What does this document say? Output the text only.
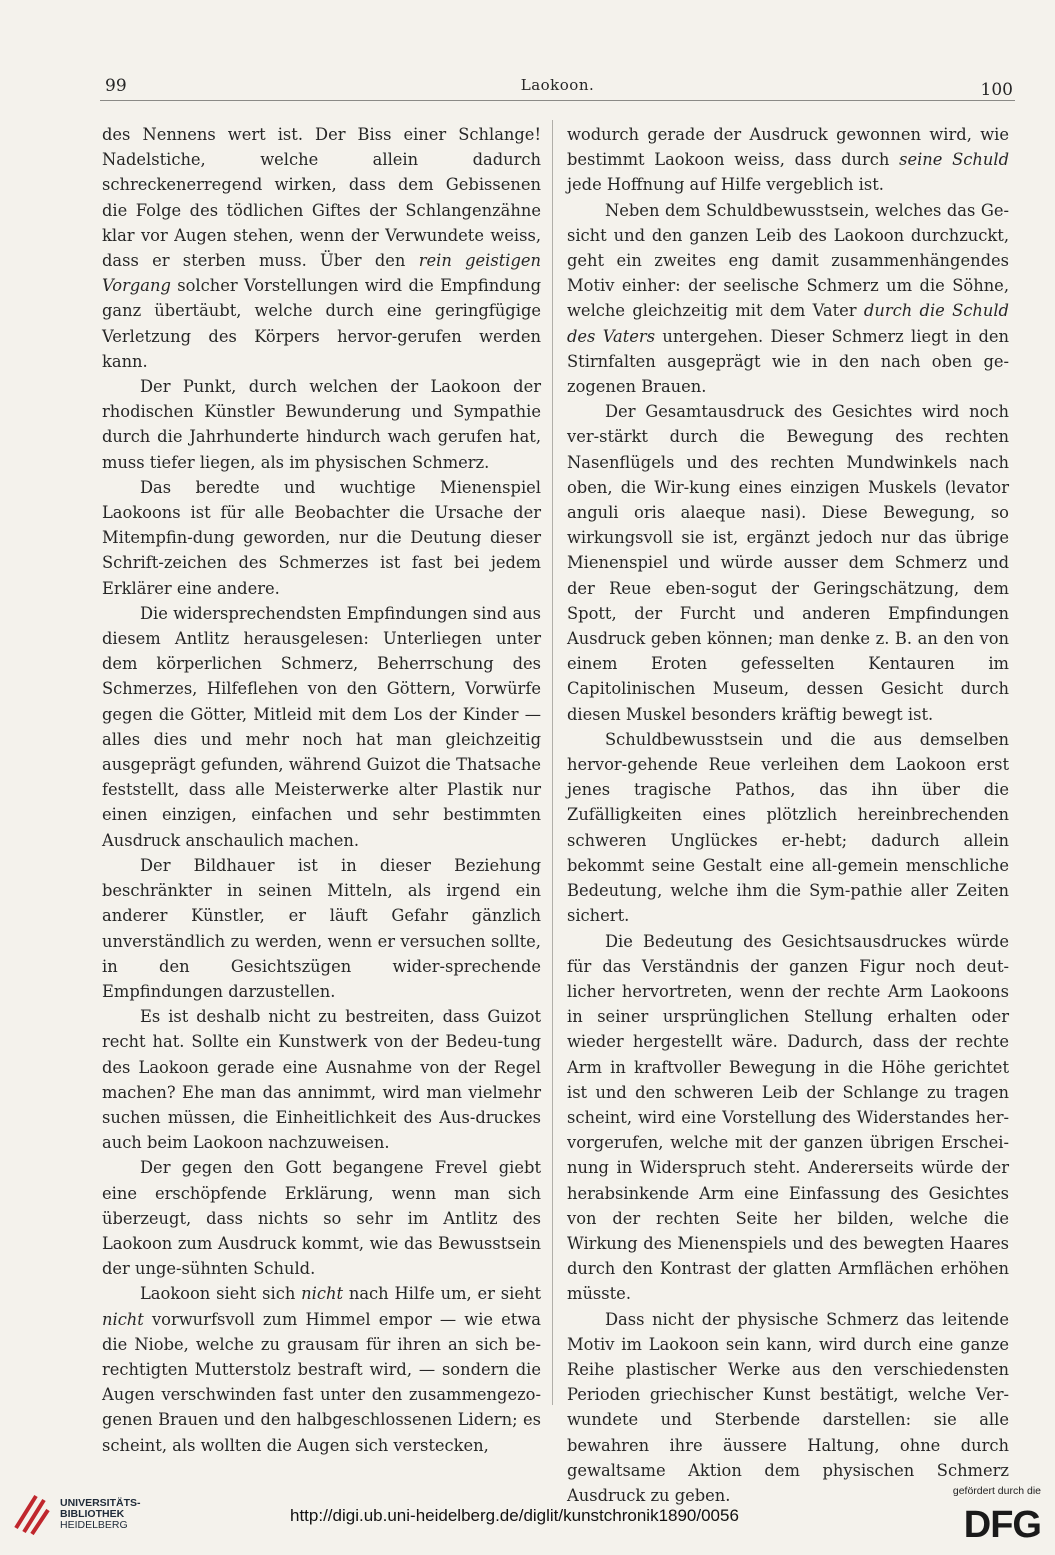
99	Laokoon.	100

des Nennens wert ist. Der Biss einer Schlange! Nadelstiche, welche allein dadurch schreckenerregend wirken, dass dem Gebissenen die Folge des tödlichen Giftes der Schlangenzähne klar vor Augen stehen, wenn der Verwundete weiss, dass er sterben muss. Über den rein geistigen Vorgang solcher Vorstellungen wird die Empfindung ganz übertäubt, welche durch eine geringfügige Verletzung des Körpers hervor-gerufen werden kann.

Der Punkt, durch welchen der Laokoon der rhodischen Künstler Bewunderung und Sympathie durch die Jahrhunderte hindurch wach gerufen hat, muss tiefer liegen, als im physischen Schmerz.

Das beredte und wuchtige Mienenspiel Laokoons ist für alle Beobachter die Ursache der Mitempfin-dung geworden, nur die Deutung dieser Schrift-zeichen des Schmerzes ist fast bei jedem Erklärer eine andere.

Die widersprechendsten Empfindungen sind aus diesem Antlitz herausgelesen: Unterliegen unter dem körperlichen Schmerz, Beherrschung des Schmerzes, Hilfeflehen von den Göttern, Vorwürfe gegen die Götter, Mitleid mit dem Los der Kinder — alles dies und mehr noch hat man gleichzeitig ausgeprägt gefunden, während Guizot die Thatsache feststellt, dass alle Meisterwerke alter Plastik nur einen einzigen, einfachen und sehr bestimmten Ausdruck anschaulich machen.

Der Bildhauer ist in dieser Beziehung beschränkter in seinen Mitteln, als irgend ein anderer Künstler, er läuft Gefahr gänzlich unverständlich zu werden, wenn er versuchen sollte, in den Gesichtszügen wider-sprechende Empfindungen darzustellen.

Es ist deshalb nicht zu bestreiten, dass Guizot recht hat. Sollte ein Kunstwerk von der Bedeu-tung des Laokoon gerade eine Ausnahme von der Regel machen? Ehe man das annimmt, wird man vielmehr suchen müssen, die Einheitlichkeit des Aus-druckes auch beim Laokoon nachzuweisen.

Der gegen den Gott begangene Frevel giebt eine erschöpfende Erklärung, wenn man sich überzeugt, dass nichts so sehr im Antlitz des Laokoon zum Ausdruck kommt, wie das Bewusstsein der unge-sühnten Schuld.

Laokoon sieht sich nicht nach Hilfe um, er sieht nicht vorwurfsvoll zum Himmel empor — wie etwa die Niobe, welche zu grausam für ihren an sich be-rechtigten Mutterstolz bestraft wird, — sondern die Augen verschwinden fast unter den zusammengezo-genen Brauen und den halbgeschlossenen Lidern; es scheint, als wollten die Augen sich verstecken,

wodurch gerade der Ausdruck gewonnen wird, wie bestimmt Laokoon weiss, dass durch seine Schuld jede Hoffnung auf Hilfe vergeblich ist.

Neben dem Schuldbewusstsein, welches das Ge-sicht und den ganzen Leib des Laokoon durchzuckt, geht ein zweites eng damit zusammenhängendes Motiv einher: der seelische Schmerz um die Söhne, welche gleichzeitig mit dem Vater durch die Schuld des Vaters untergehen. Dieser Schmerz liegt in den Stirnfalten ausgeprägt wie in den nach oben ge-zogenen Brauen.

Der Gesamtausdruck des Gesichtes wird noch ver-stärkt durch die Bewegung des rechten Nasenflügels und des rechten Mundwinkels nach oben, die Wir-kung eines einzigen Muskels (levator anguli oris alaeque nasi). Diese Bewegung, so wirkungsvoll sie ist, ergänzt jedoch nur das übrige Mienenspiel und würde ausser dem Schmerz und der Reue eben-sogut der Geringschätzung, dem Spott, der Furcht und anderen Empfindungen Ausdruck geben können; man denke z. B. an den von einem Eroten gefesselten Kentauren im Capitolinischen Museum, dessen Gesicht durch diesen Muskel besonders kräftig bewegt ist.

Schuldbewusstsein und die aus demselben hervor-gehende Reue verleihen dem Laokoon erst jenes tragische Pathos, das ihn über die Zufälligkeiten eines plötzlich hereinbrechenden schweren Unglückes er-hebt; dadurch allein bekommt seine Gestalt eine all-gemein menschliche Bedeutung, welche ihm die Sym-pathie aller Zeiten sichert.

Die Bedeutung des Gesichtsausdruckes würde für das Verständnis der ganzen Figur noch deut-licher hervortreten, wenn der rechte Arm Laokoons in seiner ursprünglichen Stellung erhalten oder wieder hergestellt wäre. Dadurch, dass der rechte Arm in kraftvoller Bewegung in die Höhe gerichtet ist und den schweren Leib der Schlange zu tragen scheint, wird eine Vorstellung des Widerstandes her-vorgerufen, welche mit der ganzen übrigen Erschei-nung in Widerspruch steht. Andererseits würde der herabsinkende Arm eine Einfassung des Gesichtes von der rechten Seite her bilden, welche die Wirkung des Mienenspiels und des bewegten Haares durch den Kontrast der glatten Armflächen erhöhen müsste.

Dass nicht der physische Schmerz das leitende Motiv im Laokoon sein kann, wird durch eine ganze Reihe plastischer Werke aus den verschiedensten Perioden griechischer Kunst bestätigt, welche Ver-wundete und Sterbende darstellen: sie alle bewahren ihre äussere Haltung, ohne durch gewaltsame Aktion dem physischen Schmerz Ausdruck zu geben.

UNIVERSITÄTS-
BIBLIOTHEK
HEIDELBERG	http://digi.ub.uni-heidelberg.de/diglit/kunstchronik1890/0056
gefördert durch die
DFG
